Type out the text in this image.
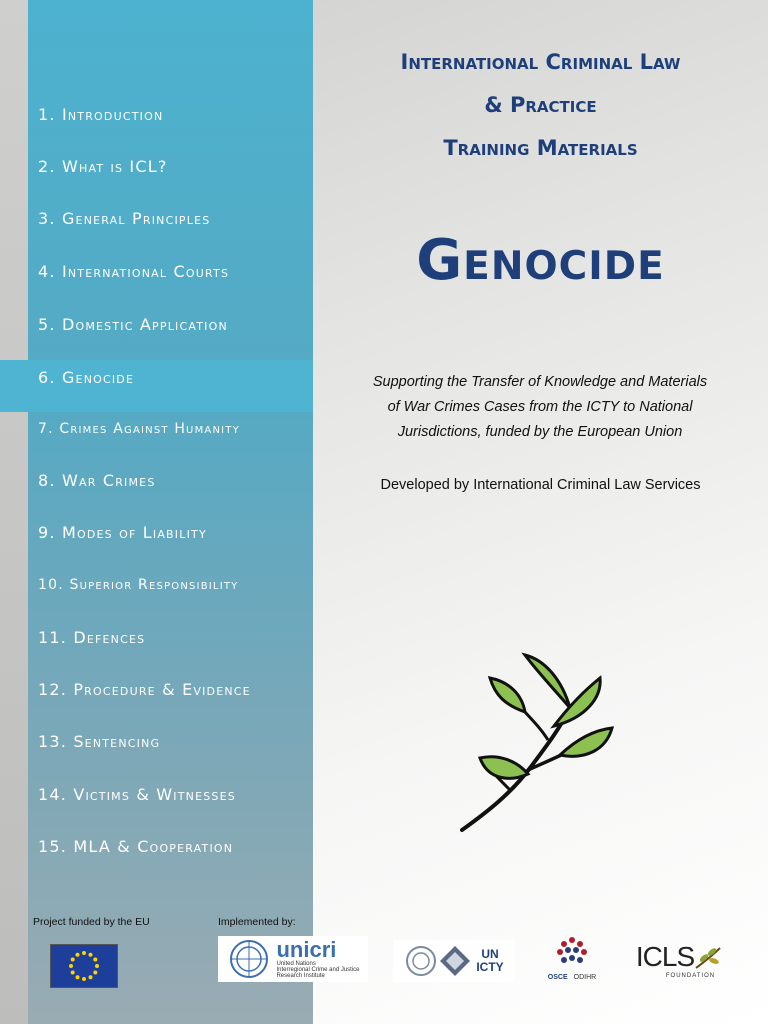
1. Introduction
2. What is ICL?
3. General Principles
4. International Courts
5. Domestic Application
6. Genocide
7. Crimes Against Humanity
8. War Crimes
9. Modes of Liability
10. Superior Responsibility
11. Defences
12. Procedure & Evidence
13. Sentencing
14. Victims & Witnesses
15. MLA & Cooperation
International Criminal Law
& Practice
Training Materials
Genocide
Supporting the Transfer of Knowledge and Materials
of War Crimes Cases from the ICTY to National
Jurisdictions, funded by the European Union
Developed by International Criminal Law Services
Project funded by the EU	Implemented by:
unicri
United Nations
Interregional Crime and Justice
Research Institute
UN
ICTY
OSCE ODIHR
ICLS
FOUNDATION
